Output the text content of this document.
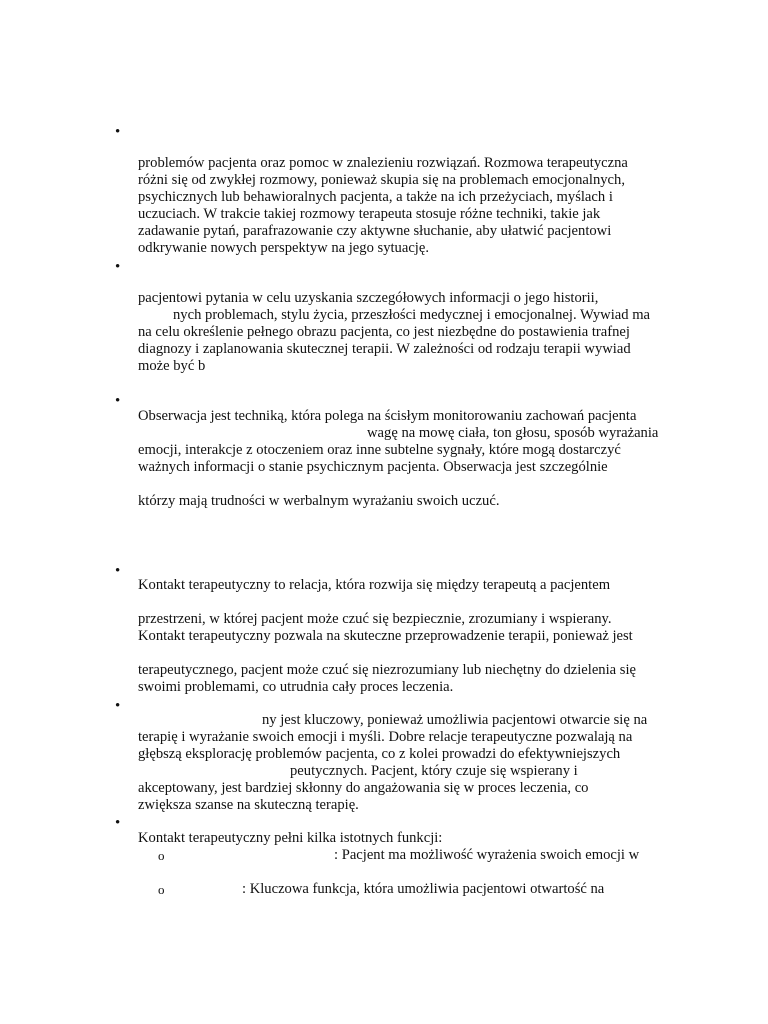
•
problemów pacjenta oraz pomoc w znalezieniu rozwiązań. Rozmowa terapeutyczna
różni się od zwykłej rozmowy, ponieważ skupia się na problemach emocjonalnych,
psychicznych lub behawioralnych pacjenta, a także na ich przeżyciach, myślach i
uczuciach. W trakcie takiej rozmowy terapeuta stosuje różne techniki, takie jak
zadawanie pytań, parafrazowanie czy aktywne słuchanie, aby ułatwić pacjentowi
odkrywanie nowych perspektyw na jego sytuację.
•
pacjentowi pytania w celu uzyskania szczegółowych informacji o jego historii,
nych problemach, stylu życia, przeszłości medycznej i emocjonalnej. Wywiad ma
na celu określenie pełnego obrazu pacjenta, co jest niezbędne do postawienia trafnej
diagnozy i zaplanowania skutecznej terapii. W zależności od rodzaju terapii wywiad
może być b
•
Obserwacja jest techniką, która polega na ścisłym monitorowaniu zachowań pacjenta
wagę na mowę ciała, ton głosu, sposób wyrażania
emocji, interakcje z otoczeniem oraz inne subtelne sygnały, które mogą dostarczyć
ważnych informacji o stanie psychicznym pacjenta. Obserwacja jest szczególnie
którzy mają trudności w werbalnym wyrażaniu swoich uczuć.
•
Kontakt terapeutyczny to relacja, która rozwija się między terapeutą a pacjentem
przestrzeni, w której pacjent może czuć się bezpiecznie, zrozumiany i wspierany.
Kontakt terapeutyczny pozwala na skuteczne przeprowadzenie terapii, ponieważ jest
terapeutycznego, pacjent może czuć się niezrozumiany lub niechętny do dzielenia się
swoimi problemami, co utrudnia cały proces leczenia.
•
ny jest kluczowy, ponieważ umożliwia pacjentowi otwarcie się na
terapię i wyrażanie swoich emocji i myśli. Dobre relacje terapeutyczne pozwalają na
głębszą eksplorację problemów pacjenta, co z kolei prowadzi do efektywniejszych
peutycznych. Pacjent, który czuje się wspierany i
akceptowany, jest bardziej skłonny do angażowania się w proces leczenia, co
zwiększa szanse na skuteczną terapię.
•
Kontakt terapeutyczny pełni kilka istotnych funkcji:
o	: Pacjent ma możliwość wyrażenia swoich emocji w
o	: Kluczowa funkcja, która umożliwia pacjentowi otwartość na
